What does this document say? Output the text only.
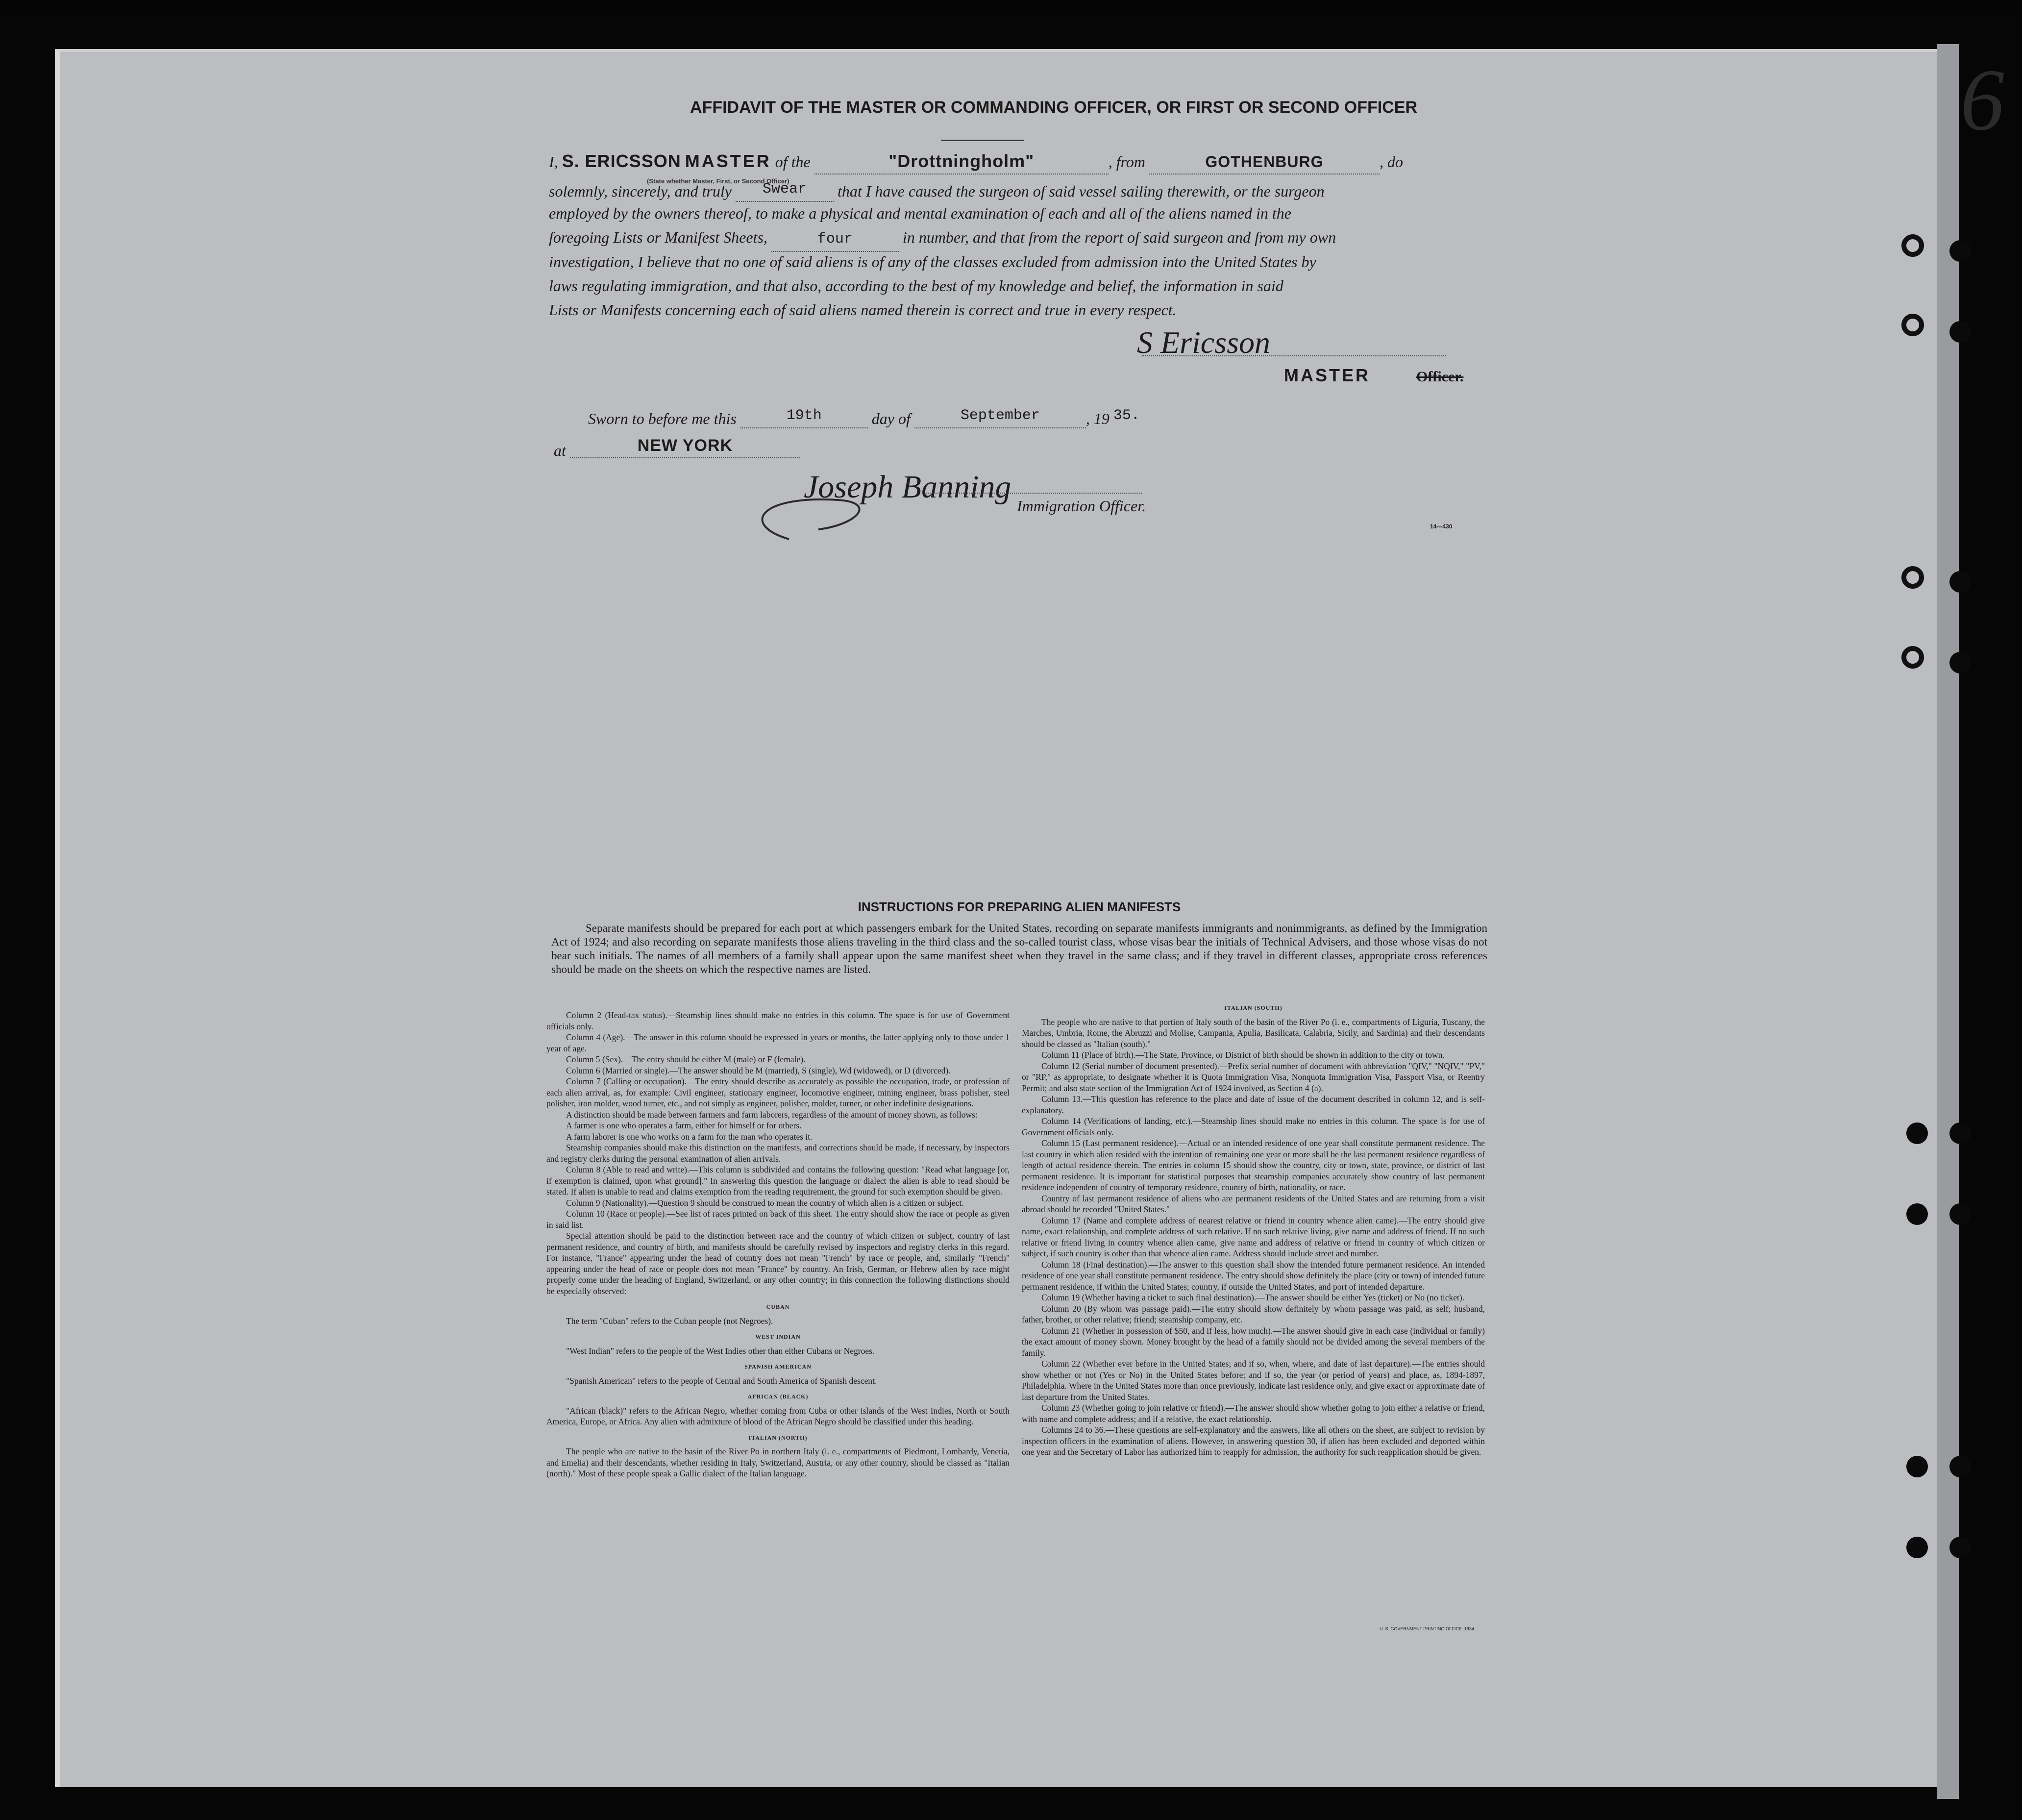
6
AFFIDAVIT OF THE MASTER OR COMMANDING OFFICER, OR FIRST OR SECOND OFFICER
I, S. ERICSSON MASTER of the	"Drottningholm"	, from	GOTHENBURG	, do
(State whether Master, First, or Second Officer)
solemnly, sincerely, and truly Swear that I have caused the surgeon of said vessel sailing therewith, or the surgeon
employed by the owners thereof, to make a physical and mental examination of each and all of the aliens named in the
foregoing Lists or Manifest Sheets,	four	in number, and that from the report of said surgeon and from my own
investigation, I believe that no one of said aliens is of any of the classes excluded from admission into the United States by
laws regulating immigration, and that also, according to the best of my knowledge and belief, the information in said
Lists or Manifests concerning each of said aliens named therein is correct and true in every respect.
S Ericsson
MASTER	Officer.
Sworn to before me this	19th	day of	September	, 19 35.
at	NEW YORK
Joseph Banning
Immigration Officer.
14—430
INSTRUCTIONS FOR PREPARING ALIEN MANIFESTS
Separate manifests should be prepared for each port at which passengers embark for the United States, recording on separate manifests immigrants and nonimmigrants, as defined by the Immigration Act of 1924; and also recording on separate manifests those aliens traveling in the third class and the so-called tourist class, whose visas bear the initials of Technical Advisers, and those whose visas do not bear such initials. The names of all members of a family shall appear upon the same manifest sheet when they travel in the same class; and if they travel in different classes, appropriate cross references should be made on the sheets on which the respective names are listed.

Column 2 (Head-tax status).—Steamship lines should make no entries in this column. The space is for use of Government officials only.

Column 4 (Age).—The answer in this column should be expressed in years or months, the latter applying only to those under 1 year of age.

Column 5 (Sex).—The entry should be either M (male) or F (female).

Column 6 (Married or single).—The answer should be M (married), S (single), Wd (widowed), or D (divorced).

Column 7 (Calling or occupation).—The entry should describe as accurately as possible the occupation, trade, or profession of each alien arrival, as, for example: Civil engineer, stationary engineer, locomotive engineer, mining engineer, brass polisher, steel polisher, iron molder, wood turner, etc., and not simply as engineer, polisher, molder, turner, or other indefinite designations.

A distinction should be made between farmers and farm laborers, regardless of the amount of money shown, as follows:

A farmer is one who operates a farm, either for himself or for others.

A farm laborer is one who works on a farm for the man who operates it.

Steamship companies should make this distinction on the manifests, and corrections should be made, if necessary, by inspectors and registry clerks during the personal examination of alien arrivals.

Column 8 (Able to read and write).—This column is subdivided and contains the following question: "Read what language [or, if exemption is claimed, upon what ground]." In answering this question the language or dialect the alien is able to read should be stated. If alien is unable to read and claims exemption from the reading requirement, the ground for such exemption should be given.

Column 9 (Nationality).—Question 9 should be construed to mean the country of which alien is a citizen or subject.

Column 10 (Race or people).—See list of races printed on back of this sheet. The entry should show the race or people as given in said list.

Special attention should be paid to the distinction between race and the country of which citizen or subject, country of last permanent residence, and country of birth, and manifests should be carefully revised by inspectors and registry clerks in this regard. For instance, "France" appearing under the head of country does not mean "French" by race or people, and, similarly "French" appearing under the head of race or people does not mean "France" by country. An Irish, German, or Hebrew alien by race might properly come under the heading of England, Switzerland, or any other country; in this connection the following distinctions should be especially observed:

CUBAN

The term "Cuban" refers to the Cuban people (not Negroes).

WEST INDIAN

"West Indian" refers to the people of the West Indies other than either Cubans or Negroes.

SPANISH AMERICAN

"Spanish American" refers to the people of Central and South America of Spanish descent.

AFRICAN (BLACK)

"African (black)" refers to the African Negro, whether coming from Cuba or other islands of the West Indies, North or South America, Europe, or Africa. Any alien with admixture of blood of the African Negro should be classified under this heading.

ITALIAN (NORTH)

The people who are native to the basin of the River Po in northern Italy (i. e., compartments of Piedmont, Lombardy, Venetia, and Emelia) and their descendants, whether residing in Italy, Switzerland, Austria, or any other country, should be classed as "Italian (north)." Most of these people speak a Gallic dialect of the Italian language.

ITALIAN (SOUTH)

The people who are native to that portion of Italy south of the basin of the River Po (i. e., compartments of Liguria, Tuscany, the Marches, Umbria, Rome, the Abruzzi and Molise, Campania, Apulia, Basilicata, Calabria, Sicily, and Sardinia) and their descendants should be classed as "Italian (south)."

Column 11 (Place of birth).—The State, Province, or District of birth should be shown in addition to the city or town.

Column 12 (Serial number of document presented).—Prefix serial number of document with abbreviation "QIV," "NQIV," "PV," or "RP," as appropriate, to designate whether it is Quota Immigration Visa, Nonquota Immigration Visa, Passport Visa, or Reentry Permit; and also state section of the Immigration Act of 1924 involved, as Section 4 (a).

Column 13.—This question has reference to the place and date of issue of the document described in column 12, and is self-explanatory.

Column 14 (Verifications of landing, etc.).—Steamship lines should make no entries in this column. The space is for use of Government officials only.

Column 15 (Last permanent residence).—Actual or an intended residence of one year shall constitute permanent residence. The last country in which alien resided with the intention of remaining one year or more shall be the last permanent residence regardless of length of actual residence therein. The entries in column 15 should show the country, city or town, state, province, or district of last permanent residence. It is important for statistical purposes that steamship companies accurately show country of last permanent residence independent of country of temporary residence, country of birth, nationality, or race.

Country of last permanent residence of aliens who are permanent residents of the United States and are returning from a visit abroad should be recorded "United States."

Column 17 (Name and complete address of nearest relative or friend in country whence alien came).—The entry should give name, exact relationship, and complete address of such relative. If no such relative living, give name and address of friend. If no such relative or friend living in country whence alien came, give name and address of relative or friend in country of which citizen or subject, if such country is other than that whence alien came. Address should include street and number.

Column 18 (Final destination).—The answer to this question shall show the intended future permanent residence. An intended residence of one year shall constitute permanent residence. The entry should show definitely the place (city or town) of intended future permanent residence, if within the United States; country, if outside the United States, and port of intended departure.

Column 19 (Whether having a ticket to such final destination).—The answer should be either Yes (ticket) or No (no ticket).

Column 20 (By whom was passage paid).—The entry should show definitely by whom passage was paid, as self; husband, father, brother, or other relative; friend; steamship company, etc.

Column 21 (Whether in possession of $50, and if less, how much).—The answer should give in each case (individual or family) the exact amount of money shown. Money brought by the head of a family should not be divided among the several members of the family.

Column 22 (Whether ever before in the United States; and if so, when, where, and date of last departure).—The entries should show whether or not (Yes or No) in the United States before; and if so, the year (or period of years) and place, as, 1894-1897, Philadelphia. Where in the United States more than once previously, indicate last residence only, and give exact or approximate date of last departure from the United States.

Column 23 (Whether going to join relative or friend).—The answer should show whether going to join either a relative or friend, with name and complete address; and if a relative, the exact relationship.

Columns 24 to 36.—These questions are self-explanatory and the answers, like all others on the sheet, are subject to revision by inspection officers in the examination of aliens. However, in answering question 30, if alien has been excluded and deported within one year and the Secretary of Labor has authorized him to reapply for admission, the authority for such reapplication should be given.

U. S. GOVERNMENT PRINTING OFFICE: 1934
